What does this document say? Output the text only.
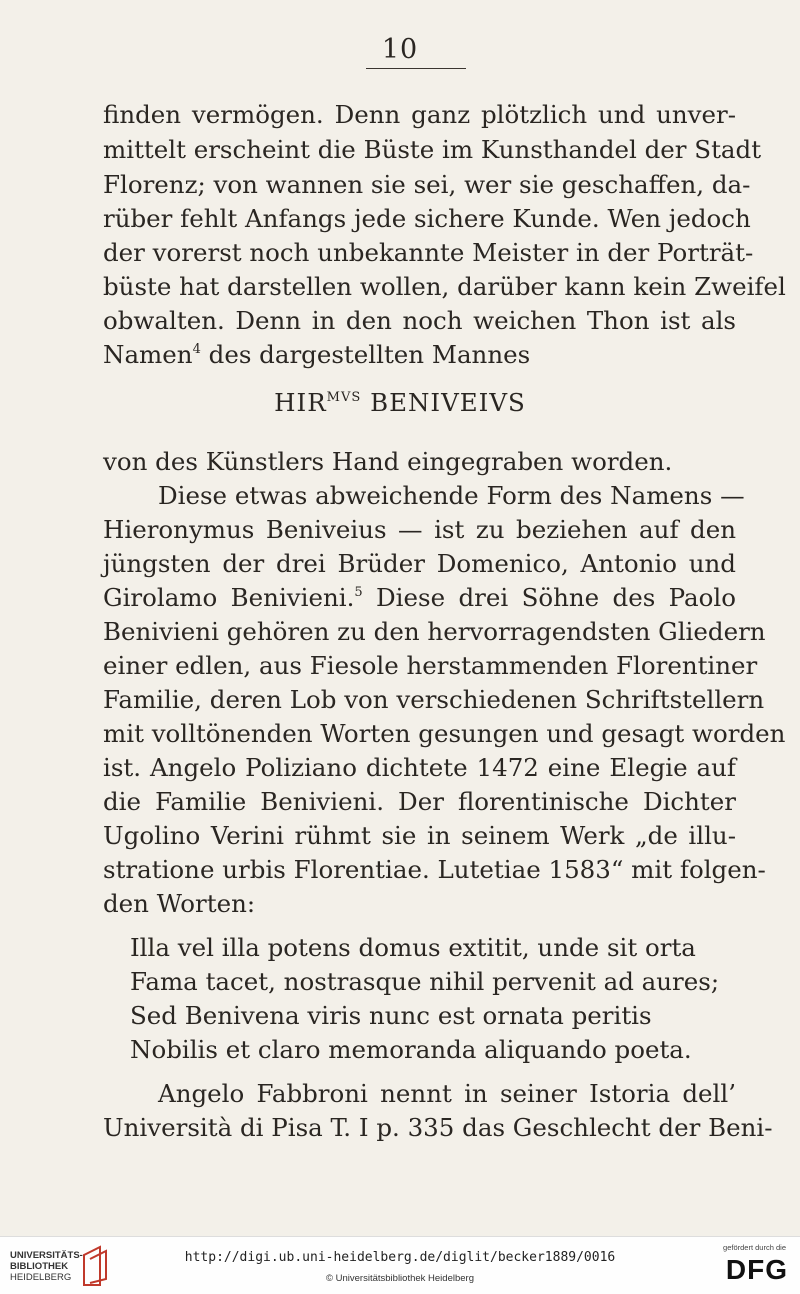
10
finden vermögen. Denn ganz plötzlich und unver-
mittelt erscheint die Büste im Kunsthandel der Stadt
Florenz; von wannen sie sei, wer sie geschaffen, da-
rüber fehlt Anfangs jede sichere Kunde. Wen jedoch
der vorerst noch unbekannte Meister in der Porträt-
büste hat darstellen wollen, darüber kann kein Zweifel
obwalten. Denn in den noch weichen Thon ist als
Namen$^4$ des dargestellten Mannes
$HIR^{MVS}$ BENIVEIVS
von des Künstlers Hand eingegraben worden.
Diese etwas abweichende Form des Namens —
Hieronymus Beniveius — ist zu beziehen auf den
jüngsten der drei Brüder Domenico, Antonio und
Girolamo Benivieni.$^5$ Diese drei Söhne des Paolo
Benivieni gehören zu den hervorragendsten Gliedern
einer edlen, aus Fiesole herstammenden Florentiner
Familie, deren Lob von verschiedenen Schriftstellern
mit volltönenden Worten gesungen und gesagt worden
ist. Angelo Poliziano dichtete 1472 eine Elegie auf
die Familie Benivieni. Der florentinische Dichter
Ugolino Verini rühmt sie in seinem Werk „de illu-
stratione urbis Florentiae. Lutetiae 1583“ mit folgen-
den Worten:
Illa vel illa potens domus extitit, unde sit orta
Fama tacet, nostrasque nihil pervenit ad aures;
Sed Benivena viris nunc est ornata peritis
Nobilis et claro memoranda aliquando poeta.
Angelo Fabbroni nennt in seiner Istoria dell’
Università di Pisa T. I p. 335 das Geschlecht der Beni-
UNIVERSITÄTS-
BIBLIOTHEK
HEIDELBERG
http://digi.ub.uni-heidelberg.de/diglit/becker1889/0016
© Universitätsbibliothek Heidelberg
gefördert durch die
DFG
